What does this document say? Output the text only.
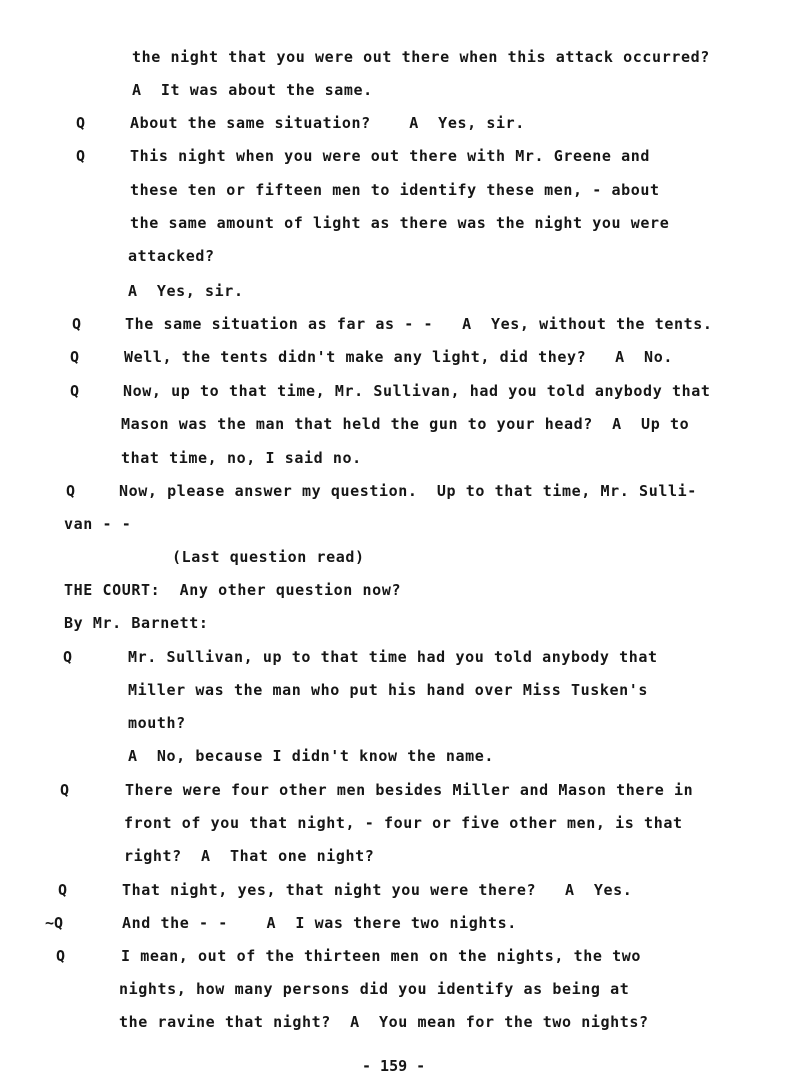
the night that you were out there when this attack occurred?
A  It was about the same.
Q	About the same situation?    A  Yes, sir.
Q	This night when you were out there with Mr. Greene and
these ten or fifteen men to identify these men, - about
the same amount of light as there was the night you were
attacked?
A  Yes, sir.
Q	The same situation as far as - -   A  Yes, without the tents.
Q	Well, the tents didn't make any light, did they?   A  No.
Q	Now, up to that time, Mr. Sullivan, had you told anybody that
Mason was the man that held the gun to your head?  A  Up to
that time, no, I said no.
Q	Now, please answer my question.  Up to that time, Mr. Sulli-
van - -
(Last question read)
THE COURT:  Any other question now?
By Mr. Barnett:
Q	Mr. Sullivan, up to that time had you told anybody that
Miller was the man who put his hand over Miss Tusken's
mouth?
A  No, because I didn't know the name.
Q	There were four other men besides Miller and Mason there in
front of you that night, - four or five other men, is that
right?  A  That one night?
Q	That night, yes, that night you were there?   A  Yes.
~Q	And the - -    A  I was there two nights.
Q	I mean, out of the thirteen men on the nights, the two
nights, how many persons did you identify as being at
the ravine that night?  A  You mean for the two nights?
- 159 -
